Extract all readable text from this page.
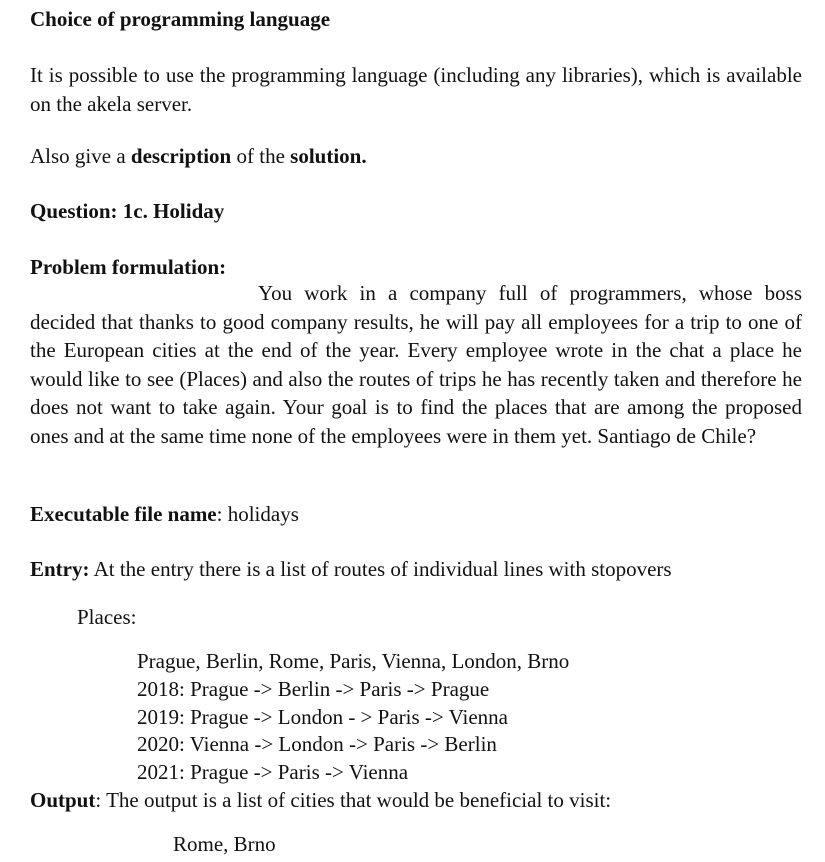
Choice of programming language
It is possible to use the programming language (including any libraries), which is available on the akela server.
Also give a description of the solution.
Question: 1c. Holiday
Problem formulation:
You work in a company full of programmers, whose boss decided that thanks to good company results, he will pay all employees for a trip to one of the European cities at the end of the year. Every employee wrote in the chat a place he would like to see (Places) and also the routes of trips he has recently taken and therefore he does not want to take again. Your goal is to find the places that are among the proposed ones and at the same time none of the employees were in them yet. Santiago de Chile?
Executable file name: holidays
Entry: At the entry there is a list of routes of individual lines with stopovers
Places:
Prague, Berlin, Rome, Paris, Vienna, London, Brno
2018: Prague -> Berlin -> Paris -> Prague
2019: Prague -> London - > Paris -> Vienna
2020: Vienna -> London -> Paris -> Berlin
2021: Prague -> Paris -> Vienna
Output: The output is a list of cities that would be beneficial to visit:
Rome, Brno
